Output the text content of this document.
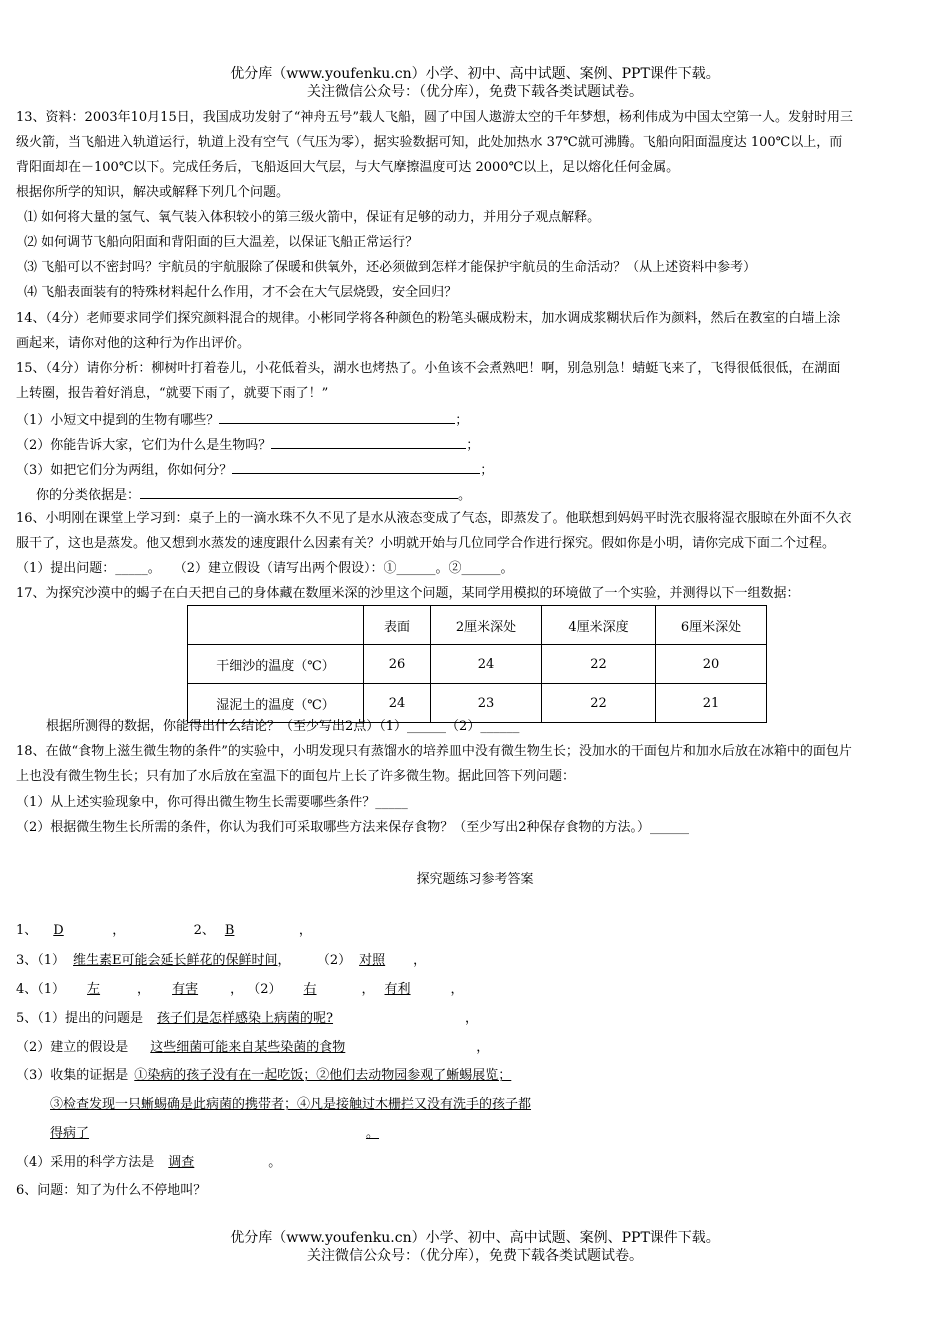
优分库（www.youfenku.cn）小学、初中、高中试题、案例、PPT课件下载。
关注微信公众号：（优分库），免费下载各类试题试卷。
13、资料：2003年10月15日，我国成功发射了“神舟五号”载人飞船，圆了中国人遨游太空的千年梦想，杨利伟成为中国太空第一人。发射时用三
级火箭，当飞船进入轨道运行，轨道上没有空气（气压为零），据实验数据可知，此处加热水 37℃就可沸腾。飞船向阳面温度达 100℃以上，而
背阳面却在－100℃以下。完成任务后，飞船返回大气层，与大气摩擦温度可达 2000℃以上，足以熔化任何金属。
根据你所学的知识，解决或解释下列几个问题。
⑴ 如何将大量的氢气、氧气装入体积较小的第三级火箭中，保证有足够的动力，并用分子观点解释。
⑵ 如何调节飞船向阳面和背阳面的巨大温差，以保证飞船正常运行？
⑶ 飞船可以不密封吗？宇航员的宇航服除了保暖和供氧外，还必须做到怎样才能保护宇航员的生命活动？（从上述资料中参考）
⑷ 飞船表面装有的特殊材料起什么作用，才不会在大气层烧毁，安全回归？
14、（4分）老师要求同学们探究颜料混合的规律。小彬同学将各种颜色的粉笔头碾成粉末，加水调成浆糊状后作为颜料，然后在教室的白墙上涂
画起来，请你对他的这种行为作出评价。
15、（4分）请你分析：柳树叶打着卷儿，小花低着头，湖水也烤热了。小鱼该不会煮熟吧！啊，别急别急！蜻蜓飞来了，飞得很低很低，在湖面
上转圈，报告着好消息，“就要下雨了，就要下雨了！”
（1）小短文中提到的生物有哪些？	；
（2）你能告诉大家，它们为什么是生物吗？	；
（3）如把它们分为两组，你如何分？	；
你的分类依据是：	。
16、小明刚在课堂上学习到：桌子上的一滴水珠不久不见了是水从液态变成了气态，即蒸发了。他联想到妈妈平时洗衣服将湿衣服晾在外面不久衣
服干了，这也是蒸发。他又想到水蒸发的速度跟什么因素有关？小明就开始与几位同学合作进行探究。假如你是小明，请你完成下面二个过程。
（1）提出问题：_____。　　（2）建立假设（请写出两个假设）：①______。②______。
17、为探究沙漠中的蝎子在白天把自己的身体藏在数厘米深的沙里这个问题，某同学用模拟的环境做了一个实验，并测得以下一组数据：
	表面	2厘米深处	4厘米深度	6厘米深处
干细沙的温度（℃）	26	24	22	20
湿泥土的温度（℃）	24	23	22	21
根据所测得的数据，你能得出什么结论？（至少写出2点）（1）______（2）______
18、在做“食物上滋生微生物的条件”的实验中，小明发现只有蒸馏水的培养皿中没有微生物生长；没加水的干面包片和加水后放在冰箱中的面包片
上也没有微生物生长；只有加了水后放在室温下的面包片上长了许多微生物。据此回答下列问题：
（1）从上述实验现象中，你可得出微生物生长需要哪些条件？_____
（2）根据微生物生长所需的条件，你认为我们可采取哪些方法来保存食物？（至少写出2种保存食物的方法。）______
探究题练习参考答案
1、 D	，	2、 B	，
3、（1） 维生素E可能会延长鲜花的保鲜时间， （2） 对照 ，
4、（1） 左	， 有害 ， （2） 右	， 有利	，
5、（1）提出的问题是 孩子们是怎样感染上病菌的呢?	，
（2）建立的假设是 这些细菌可能来自某些染菌的食物	，
（3）收集的证据是 ①染病的孩子没有在一起吃饭；②他们去动物园参观了蜥蜴展览；
③检查发现一只蜥蜴确是此病菌的携带者；④凡是接触过木栅拦又没有洗手的孩子都
得病了	。
（4）采用的科学方法是 调查	。
6、问题：知了为什么不停地叫？
优分库（www.youfenku.cn）小学、初中、高中试题、案例、PPT课件下载。
关注微信公众号：（优分库），免费下载各类试题试卷。
